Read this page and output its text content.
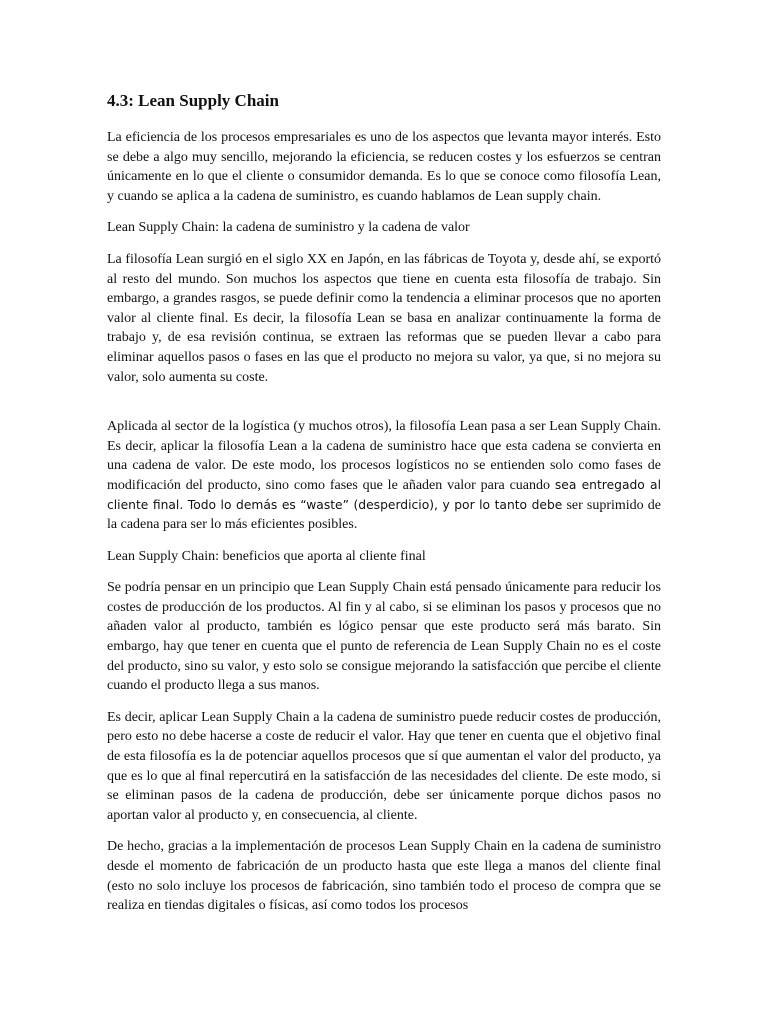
4.3: Lean Supply Chain

La eficiencia de los procesos empresariales es uno de los aspectos que levanta mayor interés. Esto se debe a algo muy sencillo, mejorando la eficiencia, se reducen costes y los esfuerzos se centran únicamente en lo que el cliente o consumidor demanda. Es lo que se conoce como filosofía Lean, y cuando se aplica a la cadena de suministro, es cuando hablamos de Lean supply chain.

Lean Supply Chain: la cadena de suministro y la cadena de valor

La filosofía Lean surgió en el siglo XX en Japón, en las fábricas de Toyota y, desde ahí, se exportó al resto del mundo. Son muchos los aspectos que tiene en cuenta esta filosofía de trabajo. Sin embargo, a grandes rasgos, se puede definir como la tendencia a eliminar procesos que no aporten valor al cliente final. Es decir, la filosofía Lean se basa en analizar continuamente la forma de trabajo y, de esa revisión continua, se extraen las reformas que se pueden llevar a cabo para eliminar aquellos pasos o fases en las que el producto no mejora su valor, ya que, si no mejora su valor, solo aumenta su coste.

Aplicada al sector de la logística (y muchos otros), la filosofía Lean pasa a ser Lean Supply Chain. Es decir, aplicar la filosofía Lean a la cadena de suministro hace que esta cadena se convierta en una cadena de valor. De este modo, los procesos logísticos no se entienden solo como fases de modificación del producto, sino como fases que le añaden valor para cuando sea entregado al cliente final. Todo lo demás es “waste” (desperdicio), y por lo tanto debe ser suprimido de la cadena para ser lo más eficientes posibles.

Lean Supply Chain: beneficios que aporta al cliente final

Se podría pensar en un principio que Lean Supply Chain está pensado únicamente para reducir los costes de producción de los productos. Al fin y al cabo, si se eliminan los pasos y procesos que no añaden valor al producto, también es lógico pensar que este producto será más barato. Sin embargo, hay que tener en cuenta que el punto de referencia de Lean Supply Chain no es el coste del producto, sino su valor, y esto solo se consigue mejorando la satisfacción que percibe el cliente cuando el producto llega a sus manos.

Es decir, aplicar Lean Supply Chain a la cadena de suministro puede reducir costes de producción, pero esto no debe hacerse a coste de reducir el valor. Hay que tener en cuenta que el objetivo final de esta filosofía es la de potenciar aquellos procesos que sí que aumentan el valor del producto, ya que es lo que al final repercutirá en la satisfacción de las necesidades del cliente. De este modo, si se eliminan pasos de la cadena de producción, debe ser únicamente porque dichos pasos no aportan valor al producto y, en consecuencia, al cliente.

De hecho, gracias a la implementación de procesos Lean Supply Chain en la cadena de suministro desde el momento de fabricación de un producto hasta que este llega a manos del cliente final (esto no solo incluye los procesos de fabricación, sino también todo el proceso de compra que se realiza en tiendas digitales o físicas, así como todos los procesos
